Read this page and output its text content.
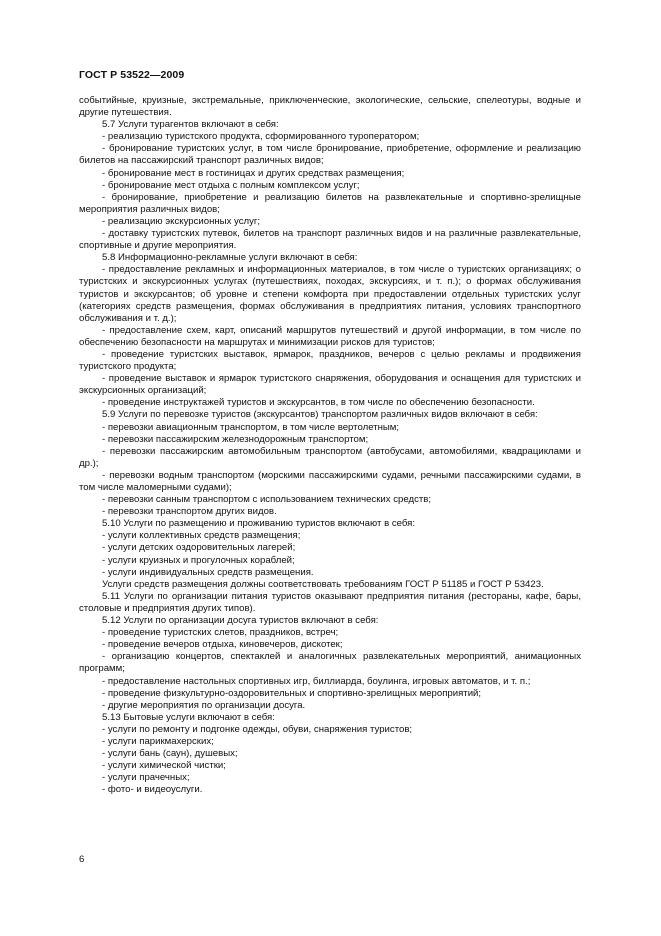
ГОСТ Р 53522—2009

событийные, круизные, экстремальные, приключенческие, экологические, сельские, спелеотуры, водные и другие путешествия.

5.7 Услуги турагентов включают в себя:

- реализацию туристского продукта, сформированного туроператором;

- бронирование туристских услуг, в том числе бронирование, приобретение, оформление и реализацию билетов на пассажирский транспорт различных видов;

- бронирование мест в гостиницах и других средствах размещения;

- бронирование мест отдыха с полным комплексом услуг;

- бронирование, приобретение и реализацию билетов на развлекательные и спортивно-зрелищные мероприятия различных видов;

- реализацию экскурсионных услуг;

- доставку туристских путевок, билетов на транспорт различных видов и на различные развлекательные, спортивные и другие мероприятия.

5.8 Информационно-рекламные услуги включают в себя:

- предоставление рекламных и информационных материалов, в том числе о туристских организациях; о туристских и экскурсионных услугах (путешествиях, походах, экскурсиях, и т. п.); о формах обслуживания туристов и экскурсантов; об уровне и степени комфорта при предоставлении отдельных туристских услуг (категориях средств размещения, формах обслуживания в предприятиях питания, условиях транспортного обслуживания и т. д.);

- предоставление схем, карт, описаний маршрутов путешествий и другой информации, в том числе по обеспечению безопасности на маршрутах и минимизации рисков для туристов;

- проведение туристских выставок, ярмарок, праздников, вечеров с целью рекламы и продвижения туристского продукта;

- проведение выставок и ярмарок туристского снаряжения, оборудования и оснащения для туристских и экскурсионных организаций;

- проведение инструктажей туристов и экскурсантов, в том числе по обеспечению безопасности.

5.9 Услуги по перевозке туристов (экскурсантов) транспортом различных видов включают в себя:

- перевозки авиационным транспортом, в том числе вертолетным;

- перевозки пассажирским железнодорожным транспортом;

- перевозки пассажирским автомобильным транспортом (автобусами, автомобилями, квадрациклами и др.);

- перевозки водным транспортом (морскими пассажирскими судами, речными пассажирскими судами, в том числе маломерными судами);

- перевозки санным транспортом с использованием технических средств;

- перевозки транспортом других видов.

5.10 Услуги по размещению и проживанию туристов включают в себя:

- услуги коллективных средств размещения;

- услуги детских оздоровительных лагерей;

- услуги круизных и прогулочных кораблей;

- услуги индивидуальных средств размещения.

Услуги средств размещения должны соответствовать требованиям ГОСТ Р 51185 и ГОСТ Р 53423.

5.11 Услуги по организации питания туристов оказывают предприятия питания (рестораны, кафе, бары, столовые и предприятия других типов).

5.12 Услуги по организации досуга туристов включают в себя:

- проведение туристских слетов, праздников, встреч;

- проведение вечеров отдыха, киновечеров, дискотек;

- организацию концертов, спектаклей и аналогичных развлекательных мероприятий, анимационных программ;

- предоставление настольных спортивных игр, биллиарда, боулинга, игровых автоматов, и т. п.;

- проведение физкультурно-оздоровительных и спортивно-зрелищных мероприятий;

- другие мероприятия по организации досуга.

5.13 Бытовые услуги включают в себя:

- услуги по ремонту и подгонке одежды, обуви, снаряжения туристов;

- услуги парикмахерских;

- услуги бань (саун), душевых;

- услуги химической чистки;

- услуги прачечных;

- фото- и видеоуслуги.

6
